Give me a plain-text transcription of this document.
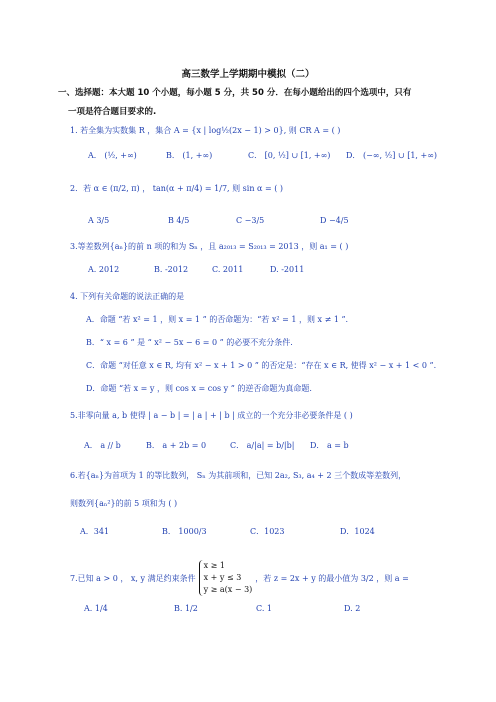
高三数学上学期期中模拟（二）
一、选择题：本大题 10 个小题，每小题 5 分，共 50 分．在每小题给出的四个选项中，只有
一项是符合题目要求的.
1. 若全集为实数集 R ，集合 A = {x | log½(2x − 1) > 0}, 则 CR A = ( )
A． (½, +∞)	B． (1, +∞)	C． [0, ½] ∪ [1, +∞) D． (−∞, ½] ∪ [1, +∞)
2．若 α ∈ (π/2, π) ， tan(α + π/4) = 1/7, 则 sin α = ( )
A 3/5	B 4/5	C −3/5	D −4/5
3.等差数列{aₙ}的前 n 项的和为 Sₙ ，且 a₂₀₁₃ = S₂₀₁₃ = 2013 ，则 a₁ = ( )
A. 2012	B. -2012	C. 2011	D. -2011
4. 下列有关命题的说法正确的是
A．命题 “若 x² = 1 ，则 x = 1 ” 的否命题为：“若 x² = 1 ，则 x ≠ 1 ”.
B．“ x = 6 ” 是 “ x² − 5x − 6 = 0 ” 的必要不充分条件.
C．命题 “对任意 x ∈ R, 均有 x² − x + 1 > 0 ” 的否定是：“存在 x ∈ R, 使得 x² − x + 1 < 0 ”.
D．命题 “若 x = y ，则 cos x = cos y ” 的逆否命题为真命题.
5.非零向量 a, b 使得 | a − b | = | a | + | b | 成立的一个充分非必要条件是 ( )
A． a // b	B． a + 2b = 0	C． a/|a| = b/|b| D． a = b
6.若{aₙ}为首项为 1 的等比数列， Sₙ 为其前项和，已知 2a₂, S₃, a₄ + 2 三个数成等差数列，
则数列{aₙ²}的前 5 项和为 ( )
A．341	B． 1000/3	C．1023	D．1024
7.已知 a > 0 ， x, y 满足约束条件
x ≥ 1
x + y ≤ 3
y ≥ a(x − 3)
，若 z = 2x + y 的最小值为 3/2 ，则 a =
A. 1/4	B. 1/2	C. 1	D. 2
